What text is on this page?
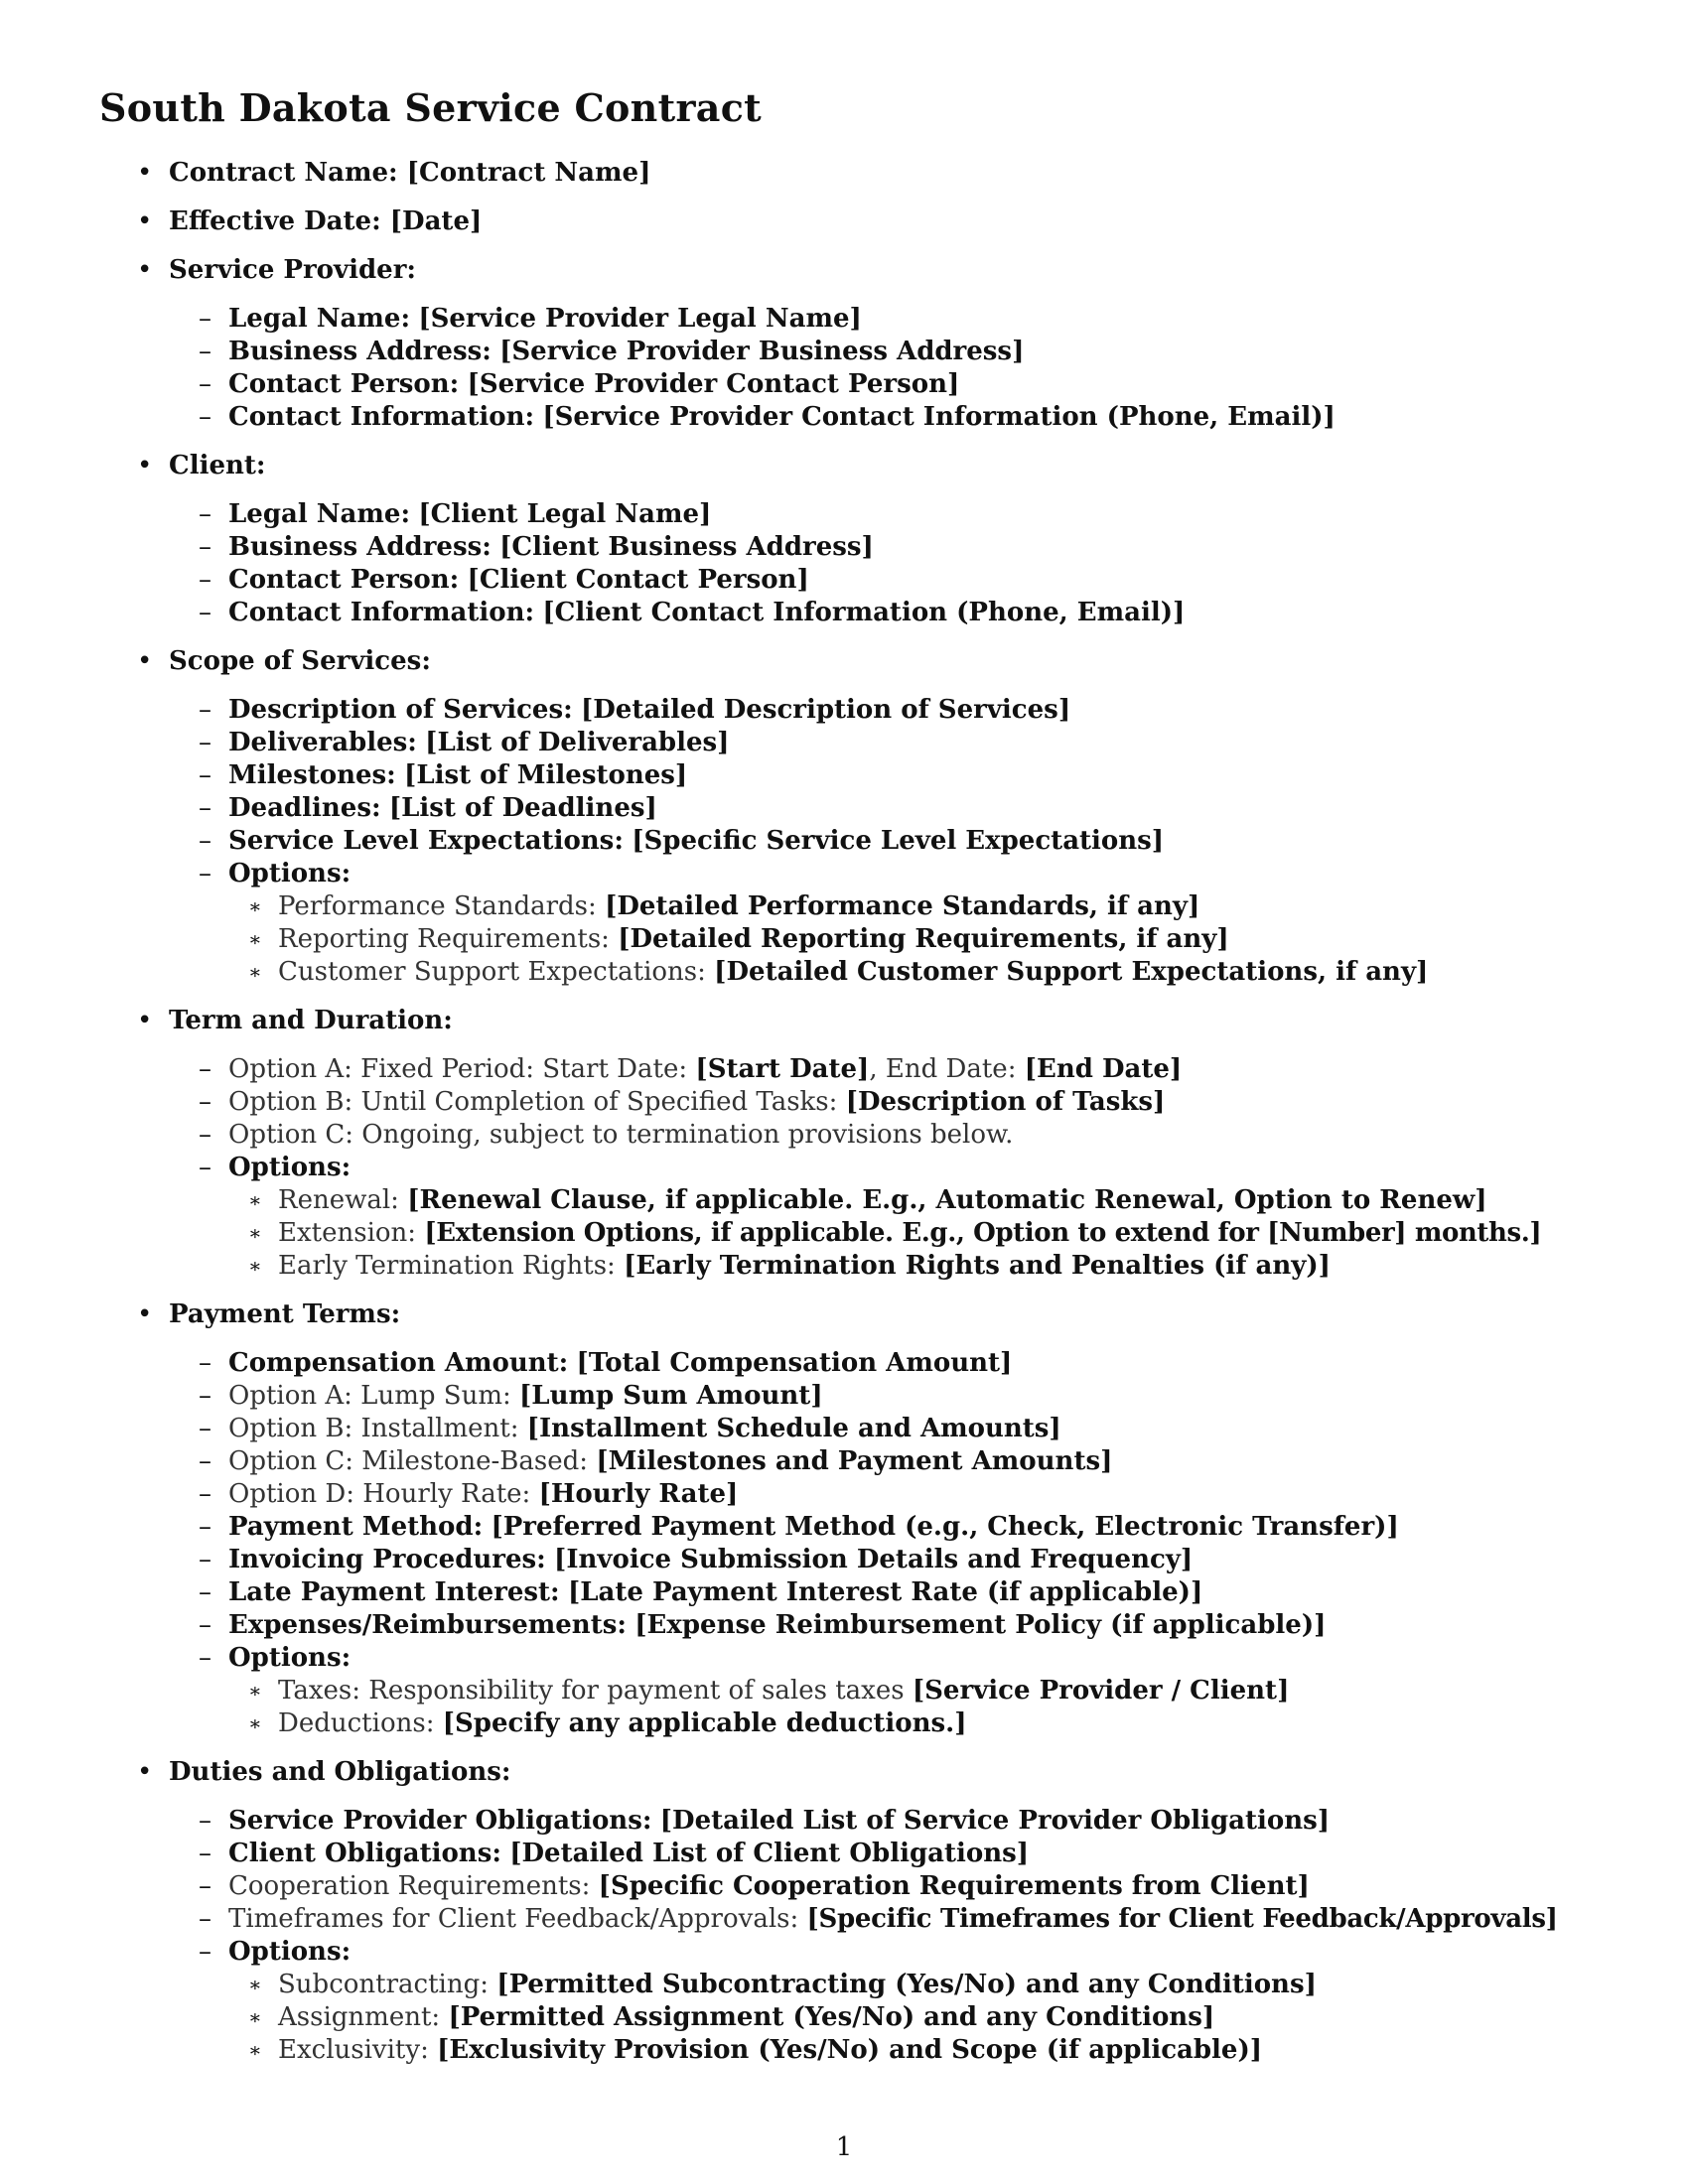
South Dakota Service Contract
• Contract Name: [Contract Name]
• Effective Date: [Date]
• Service Provider:
– Legal Name: [Service Provider Legal Name]
– Business Address: [Service Provider Business Address]
– Contact Person: [Service Provider Contact Person]
– Contact Information: [Service Provider Contact Information (Phone, Email)]
• Client:
– Legal Name: [Client Legal Name]
– Business Address: [Client Business Address]
– Contact Person: [Client Contact Person]
– Contact Information: [Client Contact Information (Phone, Email)]
• Scope of Services:
– Description of Services: [Detailed Description of Services]
– Deliverables: [List of Deliverables]
– Milestones: [List of Milestones]
– Deadlines: [List of Deadlines]
– Service Level Expectations: [Specific Service Level Expectations]
– Options:
∗ Performance Standards: [Detailed Performance Standards, if any]
∗ Reporting Requirements: [Detailed Reporting Requirements, if any]
∗ Customer Support Expectations: [Detailed Customer Support Expectations, if any]
• Term and Duration:
– Option A: Fixed Period: Start Date: [Start Date], End Date: [End Date]
– Option B: Until Completion of Specified Tasks: [Description of Tasks]
– Option C: Ongoing, subject to termination provisions below.
– Options:
∗ Renewal: [Renewal Clause, if applicable. E.g., Automatic Renewal, Option to Renew]
∗ Extension: [Extension Options, if applicable. E.g., Option to extend for [Number] months.]
∗ Early Termination Rights: [Early Termination Rights and Penalties (if any)]
• Payment Terms:
– Compensation Amount: [Total Compensation Amount]
– Option A: Lump Sum: [Lump Sum Amount]
– Option B: Installment: [Installment Schedule and Amounts]
– Option C: Milestone-Based: [Milestones and Payment Amounts]
– Option D: Hourly Rate: [Hourly Rate]
– Payment Method: [Preferred Payment Method (e.g., Check, Electronic Transfer)]
– Invoicing Procedures: [Invoice Submission Details and Frequency]
– Late Payment Interest: [Late Payment Interest Rate (if applicable)]
– Expenses/Reimbursements: [Expense Reimbursement Policy (if applicable)]
– Options:
∗ Taxes: Responsibility for payment of sales taxes [Service Provider / Client]
∗ Deductions: [Specify any applicable deductions.]
• Duties and Obligations:
– Service Provider Obligations: [Detailed List of Service Provider Obligations]
– Client Obligations: [Detailed List of Client Obligations]
– Cooperation Requirements: [Specific Cooperation Requirements from Client]
– Timeframes for Client Feedback/Approvals: [Specific Timeframes for Client Feedback/Approvals]
– Options:
∗ Subcontracting: [Permitted Subcontracting (Yes/No) and any Conditions]
∗ Assignment: [Permitted Assignment (Yes/No) and any Conditions]
∗ Exclusivity: [Exclusivity Provision (Yes/No) and Scope (if applicable)]
1
